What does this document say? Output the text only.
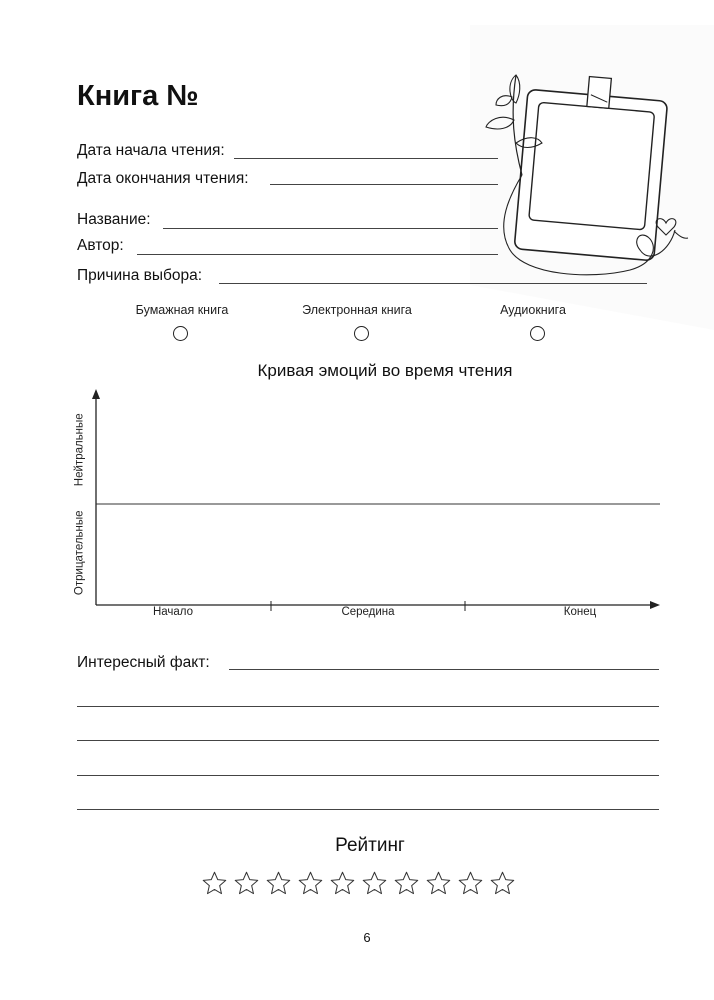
Книга №
Дата начала чтения:
Дата окончания чтения:
Название:
Автор:
Причина выбора:
Бумажная книга	Электронная книга	Аудиокнига
Кривая эмоций во время чтения
Нейтральные
Отрицательные
Начало	Середина	Конец
Интересный факт:
Рейтинг
6
